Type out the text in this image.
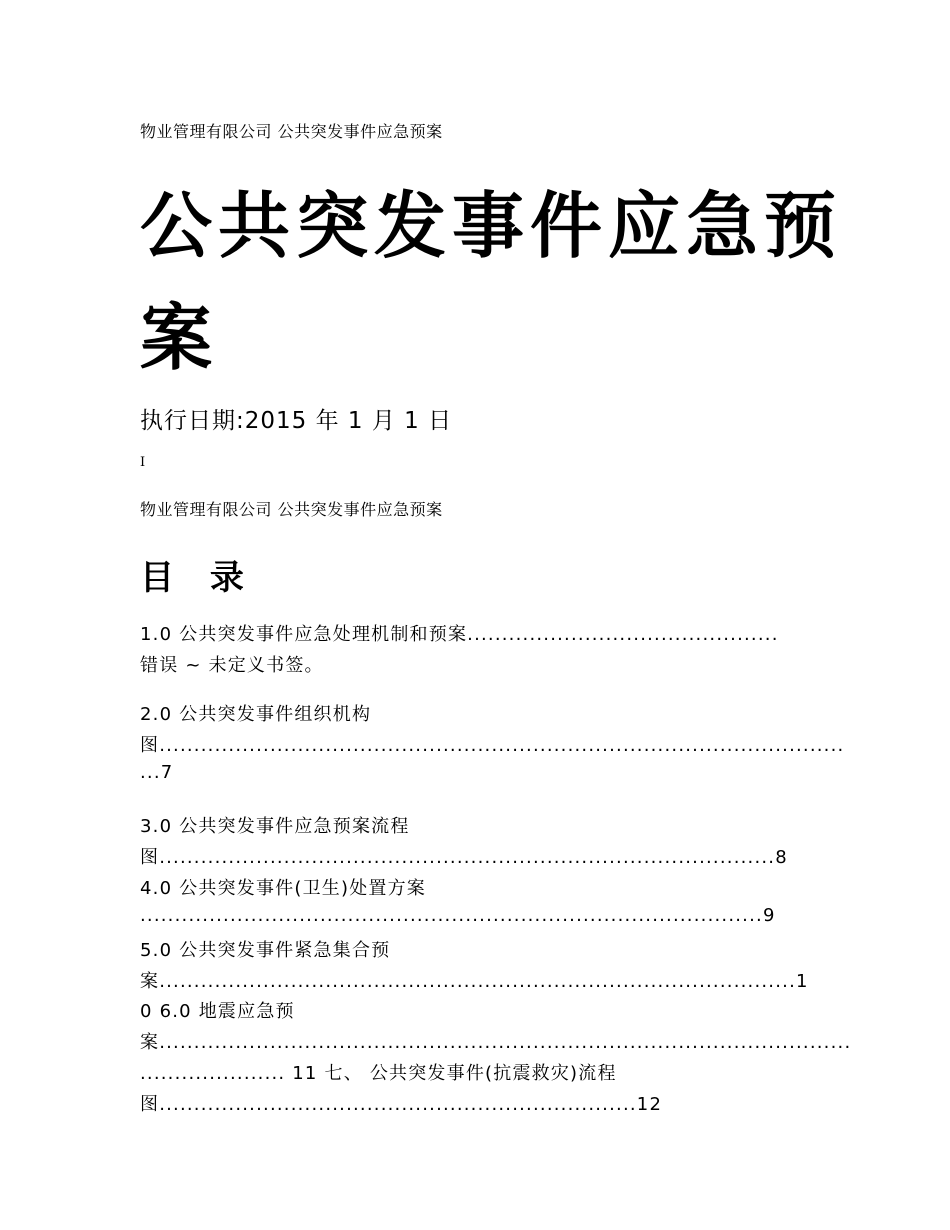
物业管理有限公司 公共突发事件应急预案

公共突发事件应急预
案

执行日期:2015 年 1 月 1 日

I

物业管理有限公司 公共突发事件应急预案

目 录

1.0 公共突发事件应急处理机制和预案.............................................

错误 ~ 未定义书签。

2.0 公共突发事件组织机构

图...................................................................................................

...7

3.0 公共突发事件应急预案流程

图.........................................................................................8

4.0 公共突发事件(卫生)处置方案

..........................................................................................9

5.0 公共突发事件紧急集合预

案............................................................................................1

0 6.0 地震应急预

案....................................................................................................

..................... 11 七、 公共突发事件(抗震救灾)流程

图.....................................................................12
